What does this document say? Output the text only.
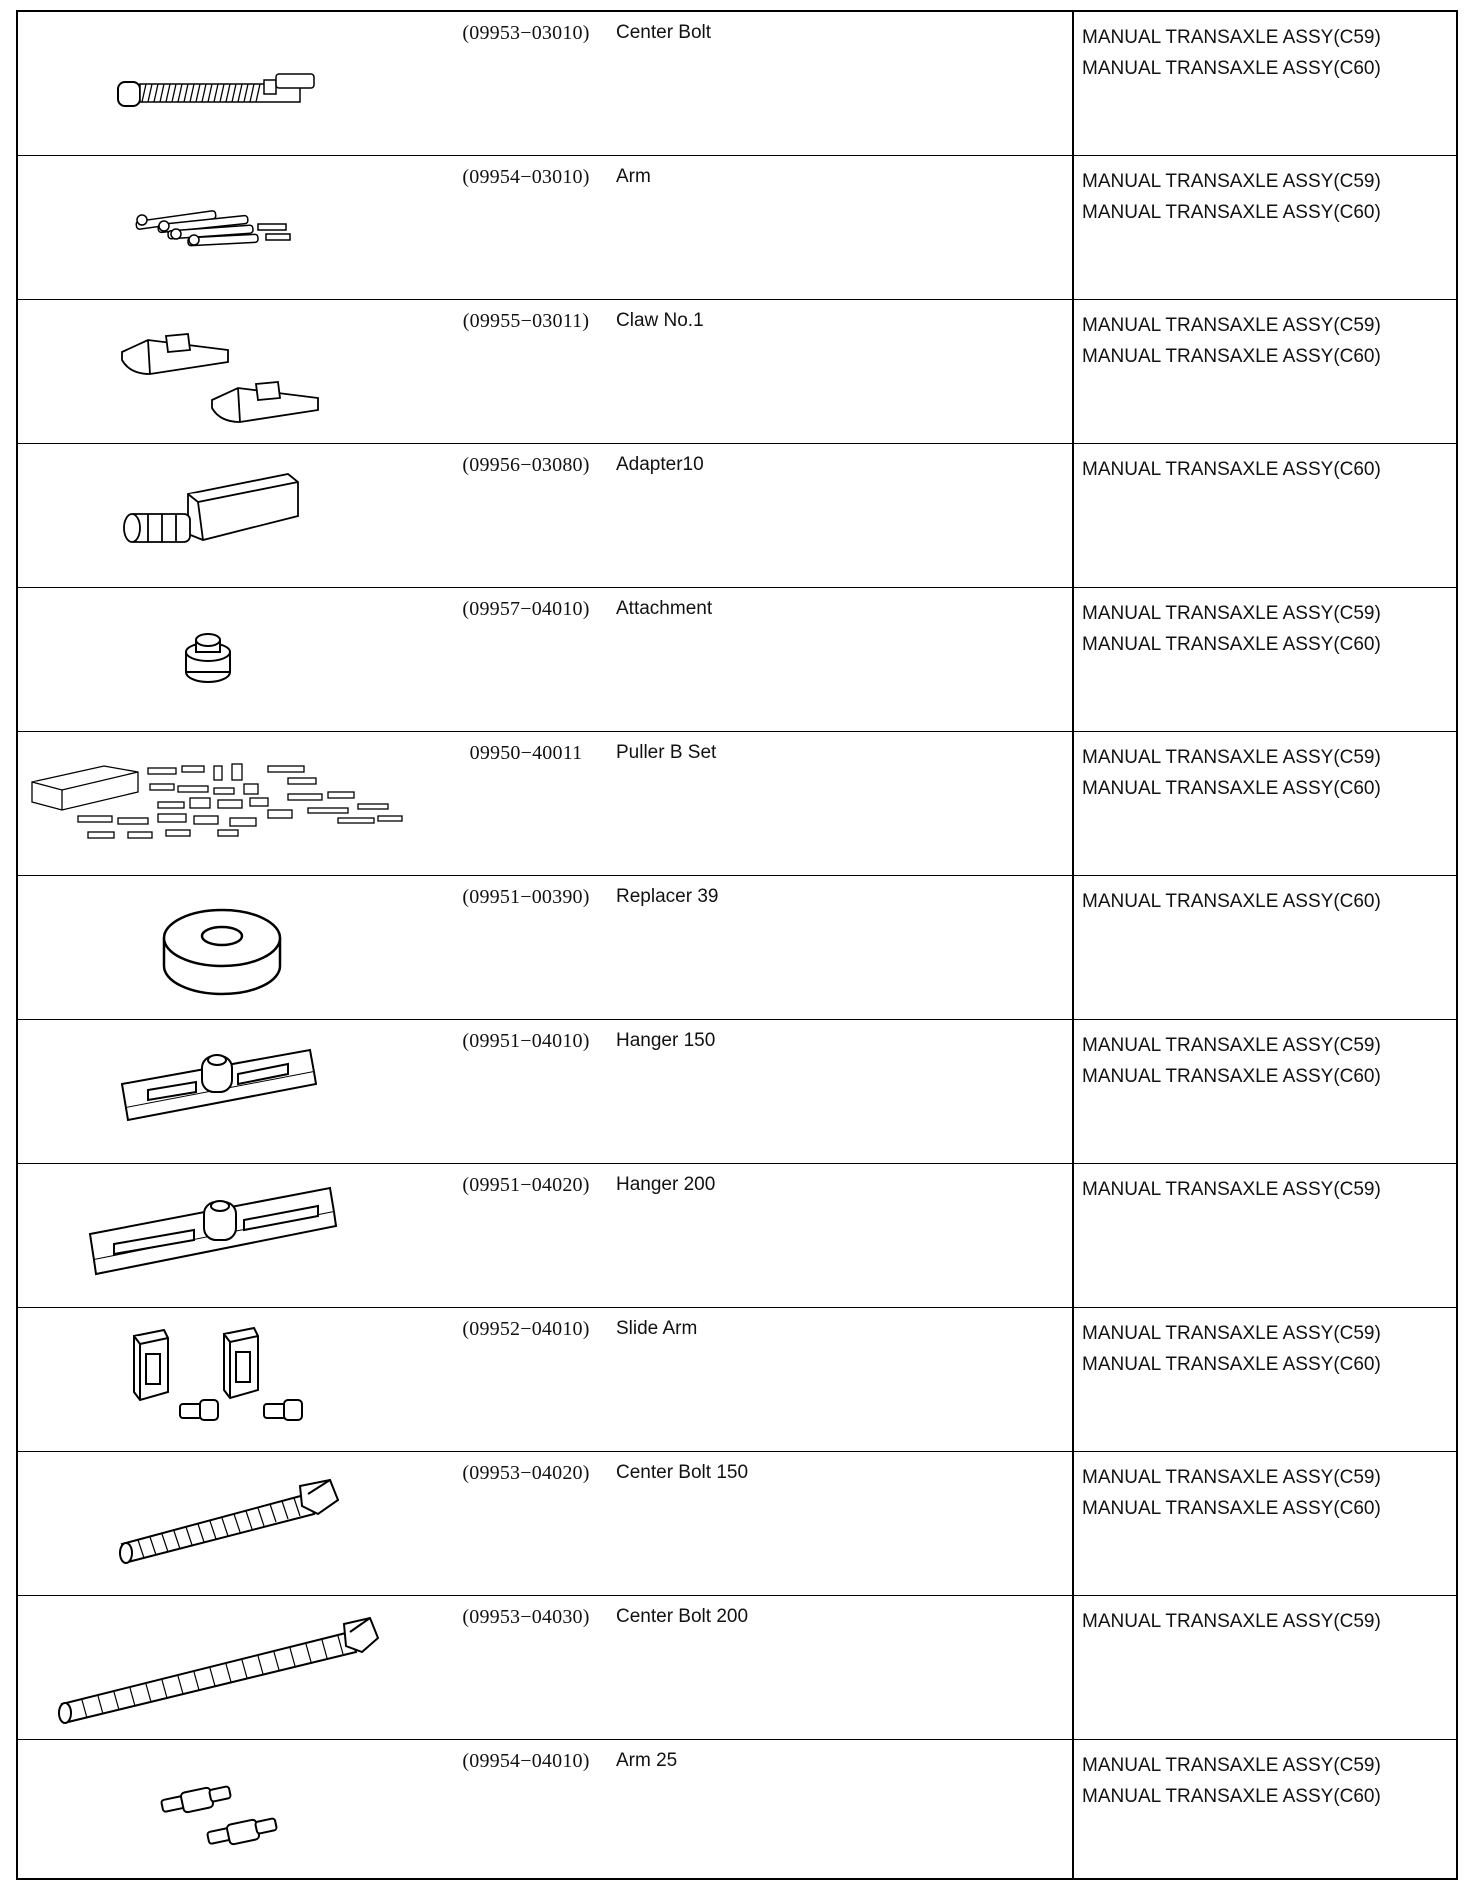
(09953−03010)	Center Bolt	MANUAL TRANSAXLE ASSY(C59)
MANUAL TRANSAXLE ASSY(C60)
(09954−03010)	Arm	MANUAL TRANSAXLE ASSY(C59)
MANUAL TRANSAXLE ASSY(C60)
(09955−03011)	Claw No.1	MANUAL TRANSAXLE ASSY(C59)
MANUAL TRANSAXLE ASSY(C60)
(09956−03080)	Adapter10	MANUAL TRANSAXLE ASSY(C60)
(09957−04010)	Attachment	MANUAL TRANSAXLE ASSY(C59)
MANUAL TRANSAXLE ASSY(C60)
09950−40011	Puller B Set	MANUAL TRANSAXLE ASSY(C59)
MANUAL TRANSAXLE ASSY(C60)
(09951−00390)	Replacer 39	MANUAL TRANSAXLE ASSY(C60)
(09951−04010)	Hanger 150	MANUAL TRANSAXLE ASSY(C59)
MANUAL TRANSAXLE ASSY(C60)
(09951−04020)	Hanger 200	MANUAL TRANSAXLE ASSY(C59)
(09952−04010)	Slide Arm	MANUAL TRANSAXLE ASSY(C59)
MANUAL TRANSAXLE ASSY(C60)
(09953−04020)	Center Bolt 150	MANUAL TRANSAXLE ASSY(C59)
MANUAL TRANSAXLE ASSY(C60)
(09953−04030)	Center Bolt 200	MANUAL TRANSAXLE ASSY(C59)
(09954−04010)	Arm 25	MANUAL TRANSAXLE ASSY(C59)
MANUAL TRANSAXLE ASSY(C60)
